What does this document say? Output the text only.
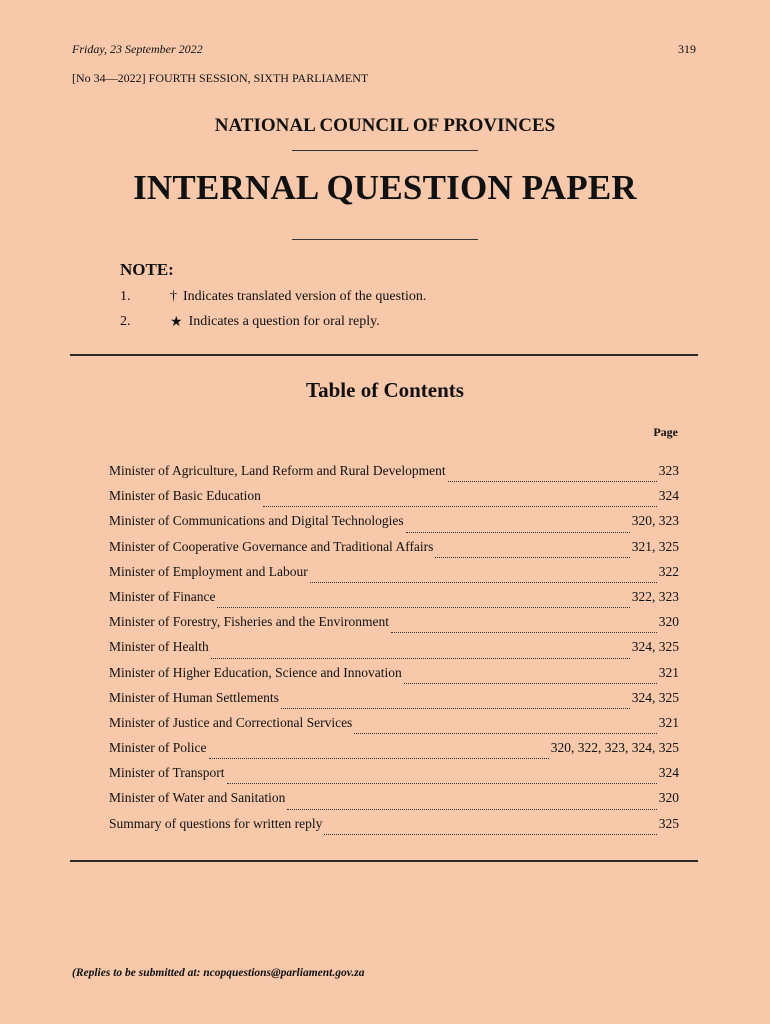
Friday, 23 September 2022	319
[No 34—2022] FOURTH SESSION, SIXTH PARLIAMENT
NATIONAL COUNCIL OF PROVINCES
INTERNAL QUESTION PAPER
NOTE:
1.	† Indicates translated version of the question.
2.	★ Indicates a question for oral reply.
Table of Contents
Page
Minister of Agriculture, Land Reform and Rural Development	323
Minister of Basic Education	324
Minister of Communications and Digital Technologies	320, 323
Minister of Cooperative Governance and Traditional Affairs	321, 325
Minister of Employment and Labour	322
Minister of Finance	322, 323
Minister of Forestry, Fisheries and the Environment	320
Minister of Health	324, 325
Minister of Higher Education, Science and Innovation	321
Minister of Human Settlements	324, 325
Minister of Justice and Correctional Services	321
Minister of Police	320, 322, 323, 324, 325
Minister of Transport	324
Minister of Water and Sanitation	320
Summary of questions for written reply	325
(Replies to be submitted at: ncopquestions@parliament.gov.za
